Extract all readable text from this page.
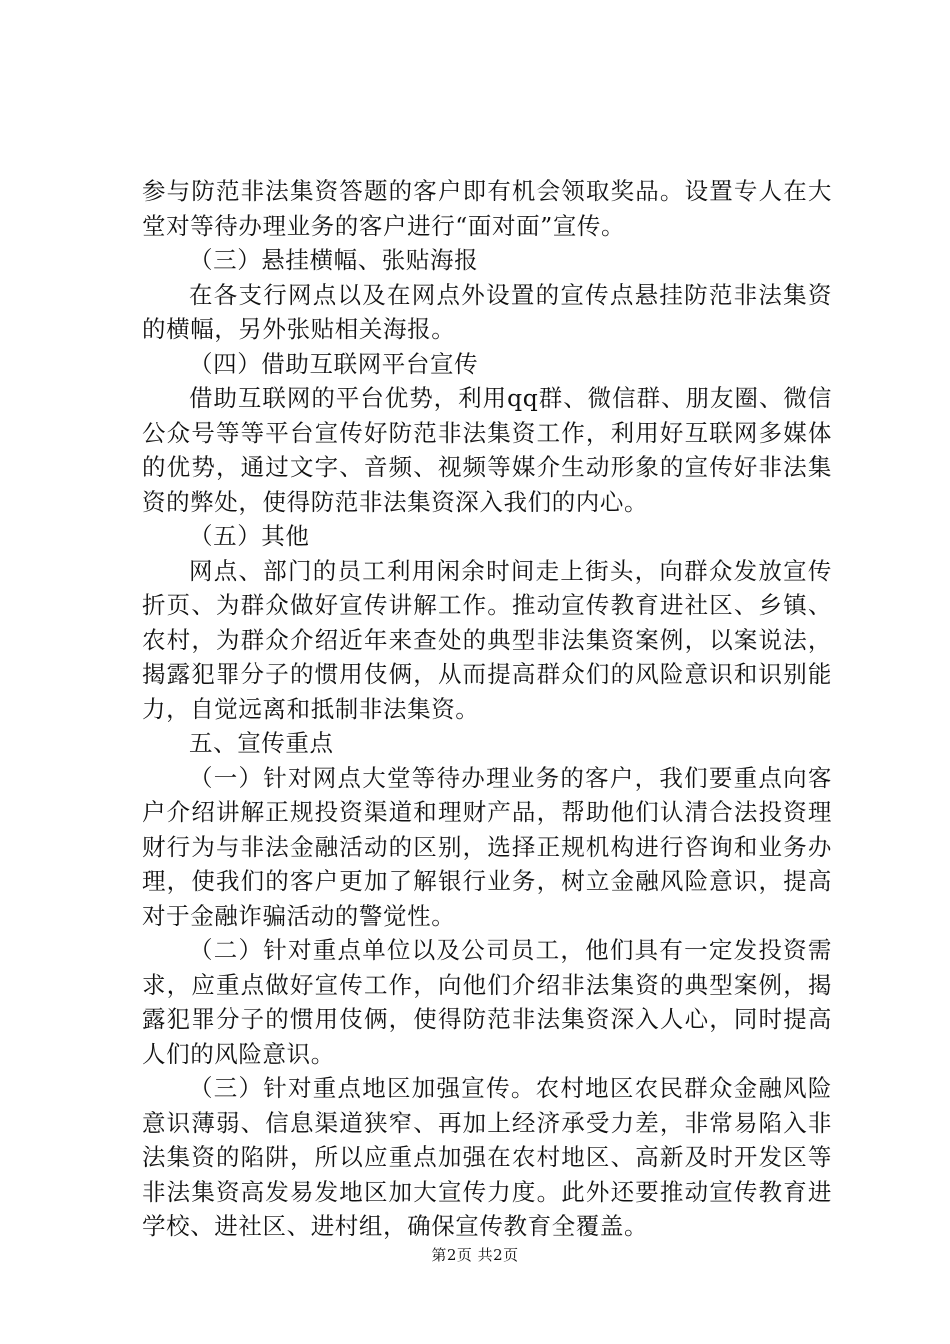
参与防范非法集资答题的客户即有机会领取奖品。设置专人在大堂对等待办理业务的客户进行“面对面”宣传。

（三）悬挂横幅、张贴海报

在各支行网点以及在网点外设置的宣传点悬挂防范非法集资的横幅，另外张贴相关海报。

（四）借助互联网平台宣传

借助互联网的平台优势，利用qq群、微信群、朋友圈、微信公众号等等平台宣传好防范非法集资工作，利用好互联网多媒体的优势，通过文字、音频、视频等媒介生动形象的宣传好非法集资的弊处，使得防范非法集资深入我们的内心。

（五）其他

网点、部门的员工利用闲余时间走上街头，向群众发放宣传折页、为群众做好宣传讲解工作。推动宣传教育进社区、乡镇、农村，为群众介绍近年来查处的典型非法集资案例，以案说法，揭露犯罪分子的惯用伎俩，从而提高群众们的风险意识和识别能力，自觉远离和抵制非法集资。

五、宣传重点

（一）针对网点大堂等待办理业务的客户，我们要重点向客户介绍讲解正规投资渠道和理财产品，帮助他们认清合法投资理财行为与非法金融活动的区别，选择正规机构进行咨询和业务办理，使我们的客户更加了解银行业务，树立金融风险意识，提高对于金融诈骗活动的警觉性。

（二）针对重点单位以及公司员工，他们具有一定发投资需求，应重点做好宣传工作，向他们介绍非法集资的典型案例，揭露犯罪分子的惯用伎俩，使得防范非法集资深入人心，同时提高人们的风险意识。

（三）针对重点地区加强宣传。农村地区农民群众金融风险意识薄弱、信息渠道狭窄、再加上经济承受力差，非常易陷入非法集资的陷阱，所以应重点加强在农村地区、高新及时开发区等非法集资高发易发地区加大宣传力度。此外还要推动宣传教育进学校、进社区、进村组，确保宣传教育全覆盖。

第2页 共2页
